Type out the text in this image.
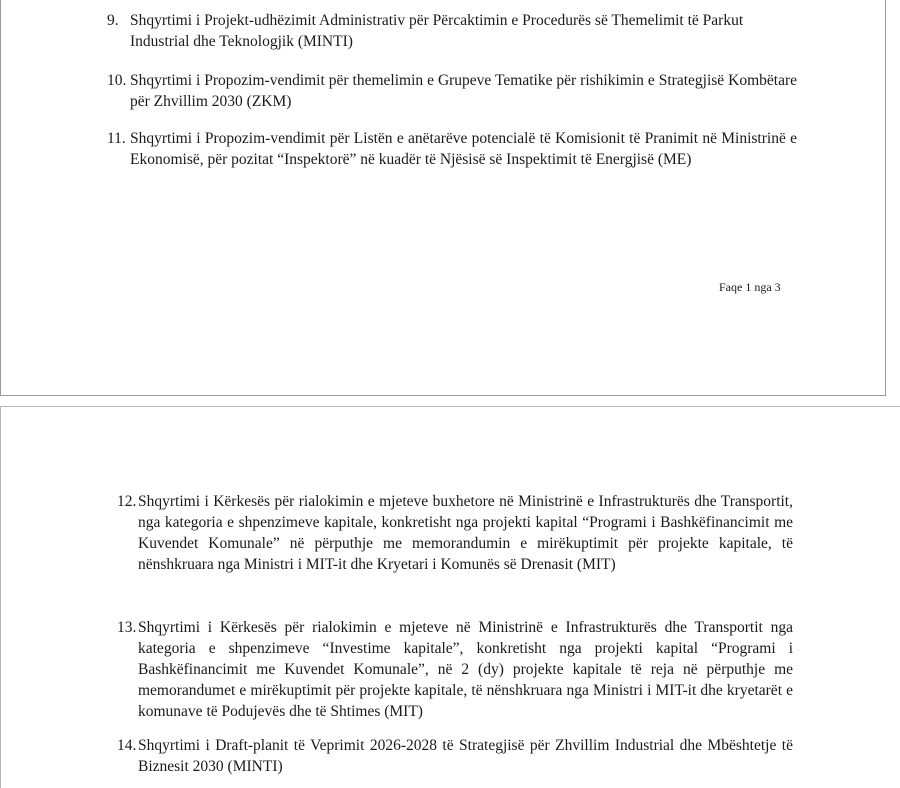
9. Shqyrtimi i Projekt-udhëzimit Administrativ për Përcaktimin e Procedurës së Themelimit të Parkut Industrial dhe Teknologjik (MINTI)
10. Shqyrtimi i Propozim-vendimit për themelimin e Grupeve Tematike për rishikimin e Strategjisë Kombëtare për Zhvillim 2030 (ZKM)
11. Shqyrtimi i Propozim-vendimit për Listën e anëtarëve potencialë të Komisionit të Pranimit në Ministrinë e Ekonomisë, për pozitat “Inspektorë” në kuadër të Njësisë së Inspektimit të Energjisë (ME)
Faqe 1 nga 3
12. Shqyrtimi i Kërkesës për rialokimin e mjeteve buxhetore në Ministrinë e Infrastrukturës dhe Transportit, nga kategoria e shpenzimeve kapitale, konkretisht nga projekti kapital “Programi i Bashkëfinancimit me Kuvendet Komunale” në përputhje me memorandumin e mirëkuptimit për projekte kapitale, të nënshkruara nga Ministri i MIT-it dhe Kryetari i Komunës së Drenasit (MIT)
13. Shqyrtimi i Kërkesës për rialokimin e mjeteve në Ministrinë e Infrastrukturës dhe Transportit nga kategoria e shpenzimeve “Investime kapitale”, konkretisht nga projekti kapital “Programi i Bashkëfinancimit me Kuvendet Komunale”, në 2 (dy) projekte kapitale të reja në përputhje me memorandumet e mirëkuptimit për projekte kapitale, të nënshkruara nga Ministri i MIT-it dhe kryetarët e komunave të Podujevës dhe të Shtimes (MIT)
14. Shqyrtimi i Draft-planit të Veprimit 2026-2028 të Strategjisë për Zhvillim Industrial dhe Mbështetje të Biznesit 2030 (MINTI)
